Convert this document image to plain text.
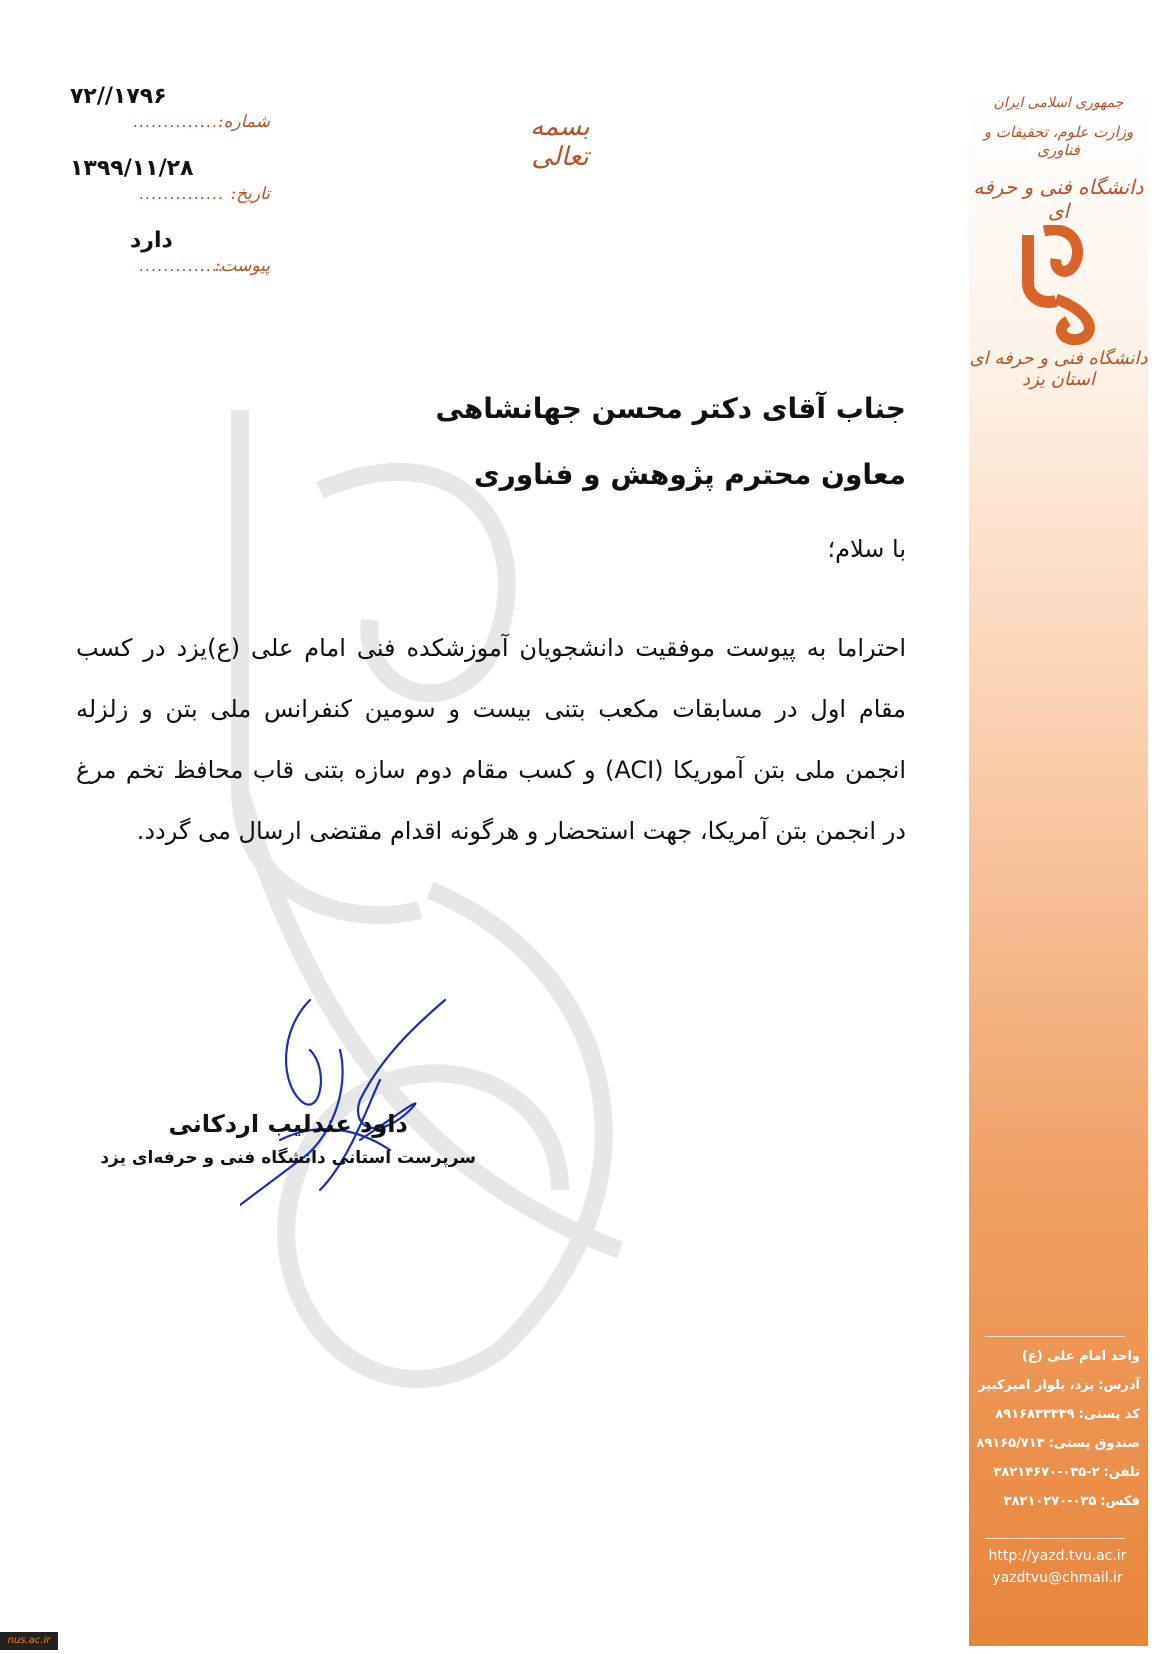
جمهوری اسلامی ایران
وزارت علوم، تحقیقات و فناوری
دانشگاه فنی و حرفه ای
دانشگاه فنی و حرفه ای استان یزد
واحد امام علی (ع)
آدرس:یزد، بلوار امیرکبیر
کد پستی:۸۹۱۶۸۳۳۳۳۹
صندوق پستی:۸۹۱۶۵/۷۱۳
تلفن:۲-۰۳۵-۳۸۲۱۴۶۷۰
فکس:۰۳۵-۳۸۲۱۰۲۷۰
http://yazd.tvu.ac.ir
yazdtvu@chmail.ir
شماره:
...............
۷۲//۱۷۹۶
تاریخ:
..............
۱۳۹۹/۱۱/۲۸
پیوست:
..............
دارد
بسمه تعالی
جناب آقای دکتر محسن جهانشاهی
معاون محترم پژوهش و فناوری
با سلام؛
احتراما به پیوست موفقیت دانشجویان آموزشکده فنی امام علی (ع)یزد در کسب مقام اول در مسابقات مکعب بتنی بیست و سومین کنفرانس ملی بتن و زلزله انجمن ملی بتن آموریکا (ACI) و کسب مقام دوم سازه بتنی قاب محافظ تخم مرغ در انجمن بتن آمریکا، جهت استحضار و هرگونه اقدام مقتضی ارسال می گردد.
داود عندلیب اردکانی
سرپرست استانی دانشگاه فنی و حرفه‌ای یزد
nus.ac.ir
